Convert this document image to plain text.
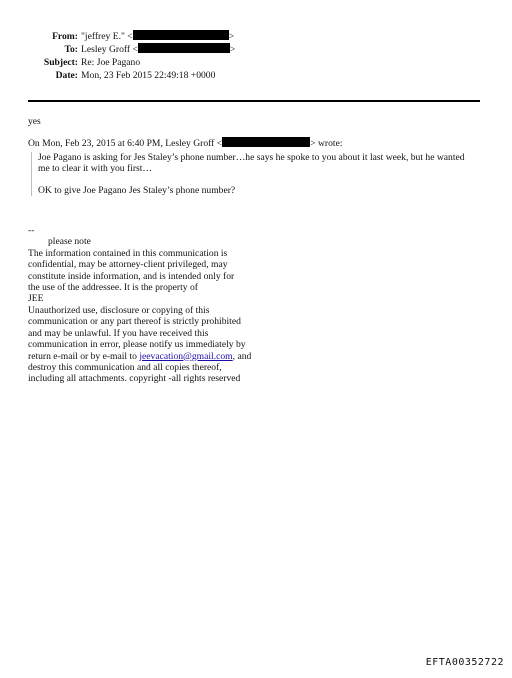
From: "jeffrey E." <	>
To: Lesley Groff <	>
Subject: Re: Joe Pagano
Date: Mon, 23 Feb 2015 22:49:18 +0000

yes

On Mon, Feb 23, 2015 at 6:40 PM, Lesley Groff <	> wrote:

Joe Pagano is asking for Jes Staley’s phone number…he says he spoke to you about it last week, but he wanted

me to clear it with you first…

OK to give Joe Pagano Jes Staley’s phone number?

--

please note

The information contained in this communication is

confidential, may be attorney-client privileged, may

constitute inside information, and is intended only for

the use of the addressee. It is the property of

JEE

Unauthorized use, disclosure or copying of this

communication or any part thereof is strictly prohibited

and may be unlawful. If you have received this

communication in error, please notify us immediately by

return e-mail or by e-mail to jeevacation@gmail.com, and

destroy this communication and all copies thereof,

including all attachments. copyright -all rights reserved

EFTA00352722
